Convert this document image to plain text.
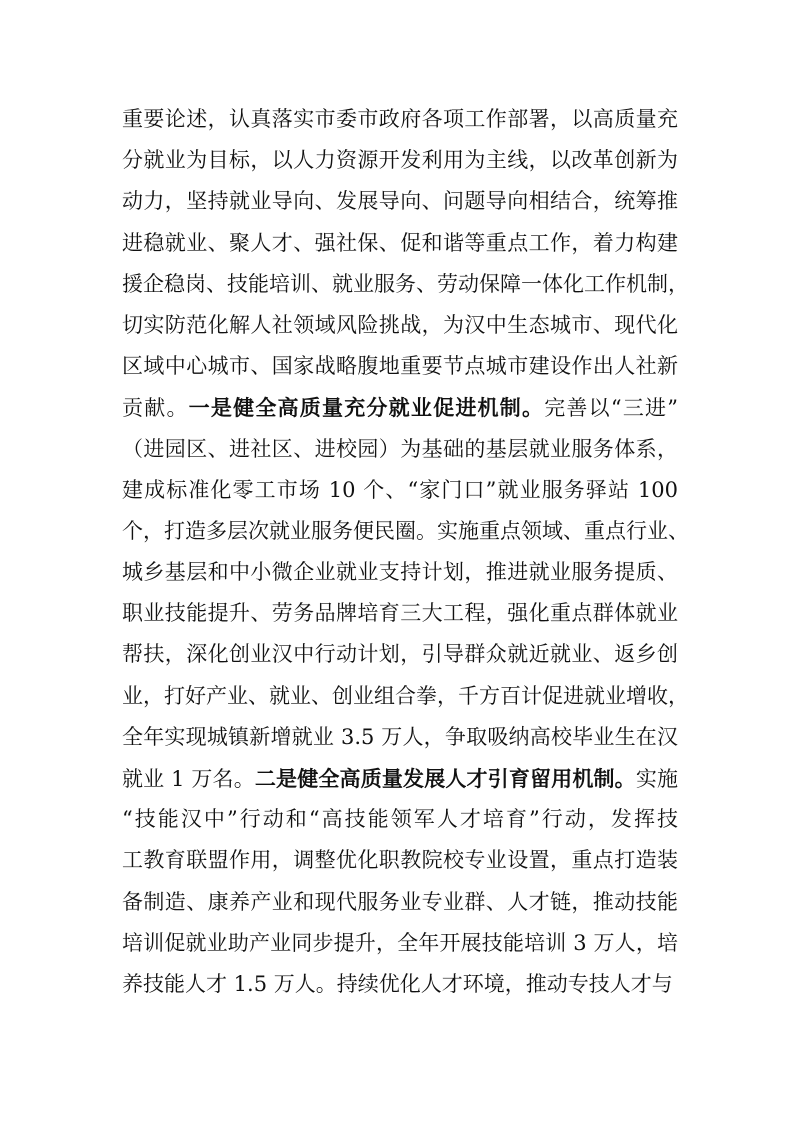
重要论述，认真落实市委市政府各项工作部署，以高质量充
分就业为目标，以人力资源开发利用为主线，以改革创新为
动力，坚持就业导向、发展导向、问题导向相结合，统筹推
进稳就业、聚人才、强社保、促和谐等重点工作，着力构建
援企稳岗、技能培训、就业服务、劳动保障一体化工作机制，
切实防范化解人社领域风险挑战，为汉中生态城市、现代化
区域中心城市、国家战略腹地重要节点城市建设作出人社新
贡献。一是健全高质量充分就业促进机制。完善以“三进”
（进园区、进社区、进校园）为基础的基层就业服务体系，
建成标准化零工市场 10 个、“家门口”就业服务驿站 100
个，打造多层次就业服务便民圈。实施重点领域、重点行业、
城乡基层和中小微企业就业支持计划，推进就业服务提质、
职业技能提升、劳务品牌培育三大工程，强化重点群体就业
帮扶，深化创业汉中行动计划，引导群众就近就业、返乡创
业，打好产业、就业、创业组合拳，千方百计促进就业增收，
全年实现城镇新增就业 3.5 万人，争取吸纳高校毕业生在汉
就业 1 万名。二是健全高质量发展人才引育留用机制。实施
“技能汉中”行动和“高技能领军人才培育”行动，发挥技
工教育联盟作用，调整优化职教院校专业设置，重点打造装
备制造、康养产业和现代服务业专业群、人才链，推动技能
培训促就业助产业同步提升，全年开展技能培训 3 万人，培
养技能人才 1.5 万人。持续优化人才环境，推动专技人才与
